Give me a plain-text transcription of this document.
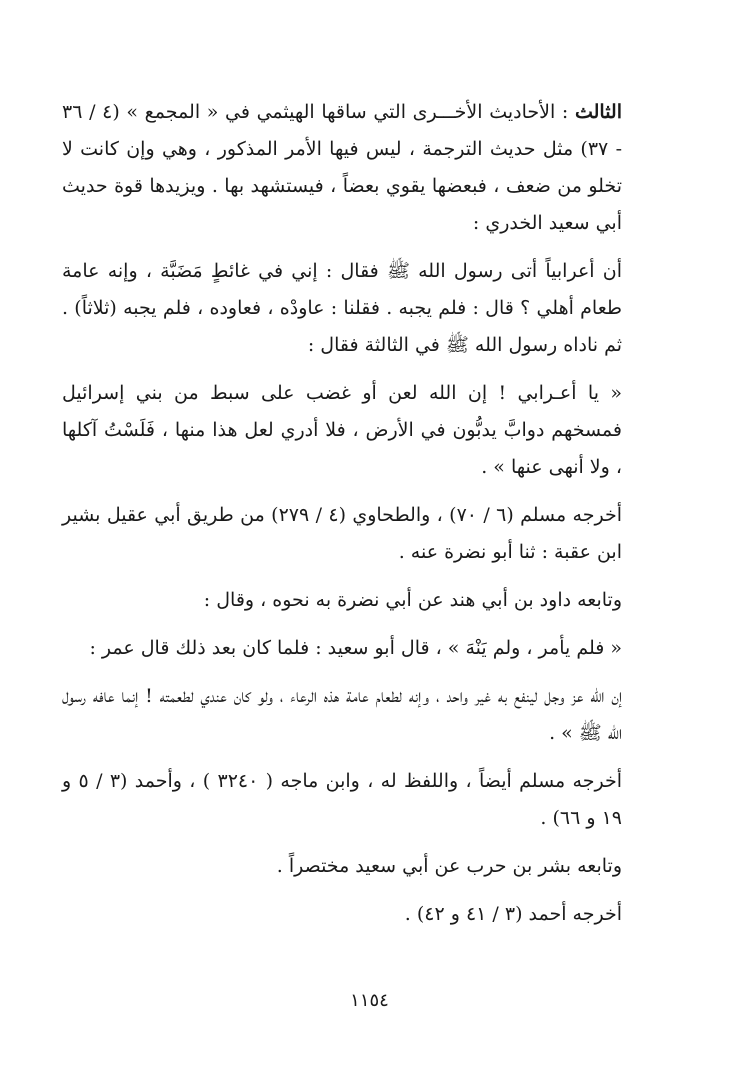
الثالث : الأحاديث الأخـــرى التي ساقها الهيثمي في « المجمع » (٤ / ٣٦ - ٣٧) مثل حديث الترجمة ، ليس فيها الأمر المذكور ، وهي وإن كانت لا تخلو من ضعف ، فبعضها يقوي بعضاً ، فيستشهد بها . ويزيدها قوة حديث أبي سعيد الخدري :

أن أعرابياً أتى رسول الله ﷺ فقال : إني في غائطٍ مَضَبَّة ، وإنه عامة طعام أهلي ؟ قال : فلم يجبه . فقلنا : عاودْه ، فعاوده ، فلم يجبه (ثلاثاً) . ثم ناداه رسول الله ﷺ في الثالثة فقال :

« يا أعـرابي ! إن الله لعن أو غضب على سبط من بني إسرائيل فمسخهم دوابَّ يدبُّون في الأرض ، فلا أدري لعل هذا منها ، فَلَسْتُ آكلها ، ولا أنهى عنها » .

أخرجه مسلم (٦ / ٧٠) ، والطحاوي (٤ / ٢٧٩) من طريق أبي عقيل بشير ابن عقبة : ثنا أبو نضرة عنه .

وتابعه داود بن أبي هند عن أبي نضرة به نحوه ، وقال :

« فلم يأمر ، ولم يَنْهَ » ، قال أبو سعيد : فلما كان بعد ذلك قال عمر :

إن الله عز وجل لينفع به غير واحد ، وإنه لطعام عامة هذه الرعاء ، ولو كان عندي لطعمته ! إنما عافه رسول الله ﷺ » .

أخرجه مسلم أيضاً ، واللفظ له ، وابن ماجه ( ٣٢٤٠ ) ، وأحمد (٣ / ٥ و ١٩ و ٦٦) .

وتابعه بشر بن حرب عن أبي سعيد مختصراً .

أخرجه أحمد (٣ / ٤١ و ٤٢) .

١١٥٤
